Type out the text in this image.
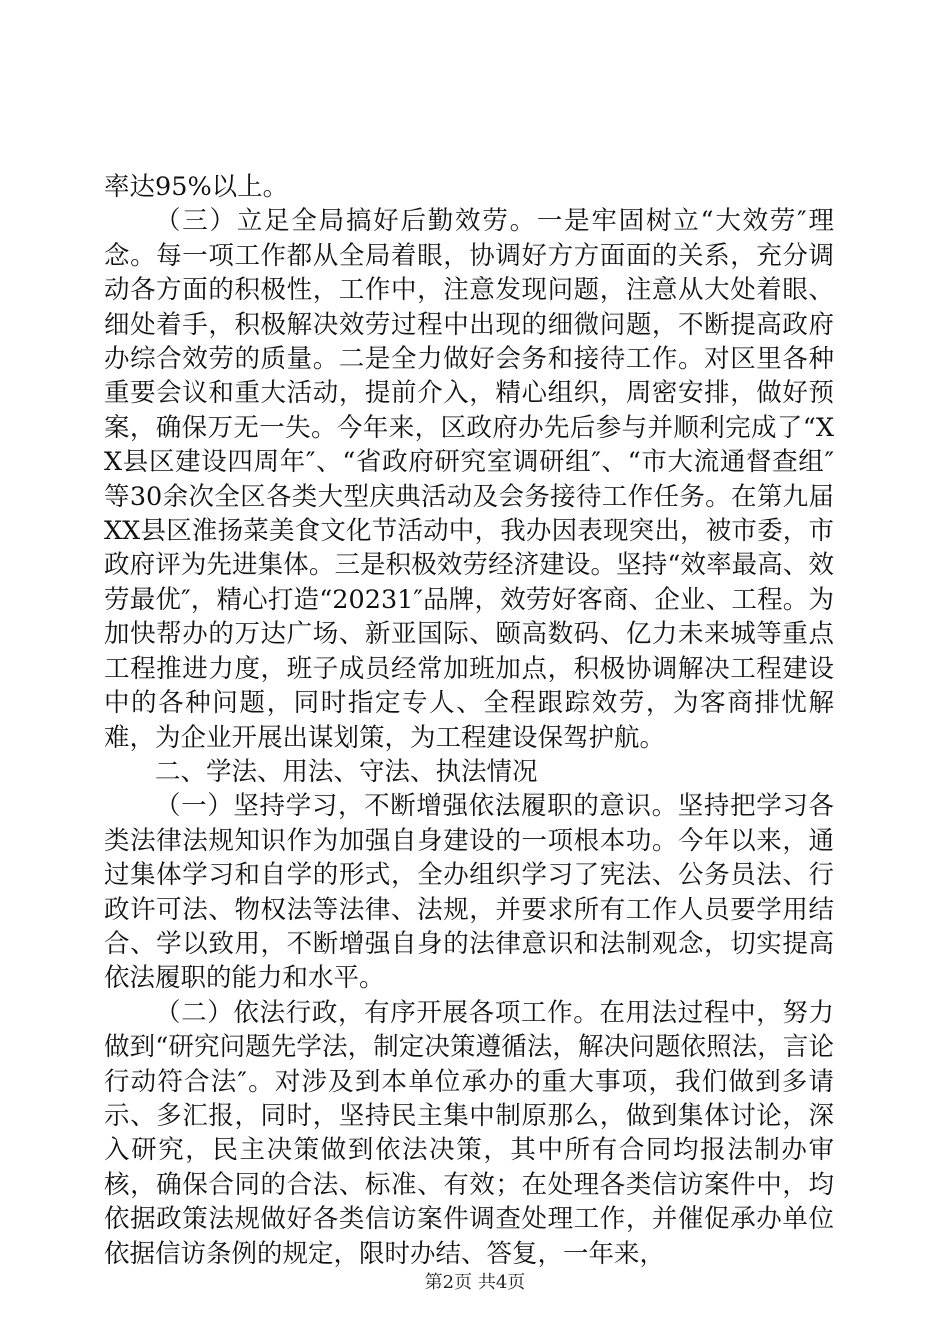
率达95%以上。

（三）立足全局搞好后勤效劳。一是牢固树立“大效劳″理念。每一项工作都从全局着眼，协调好方方面面的关系，充分调动各方面的积极性，工作中，注意发现问题，注意从大处着眼、细处着手，积极解决效劳过程中出现的细微问题，不断提高政府办综合效劳的质量。二是全力做好会务和接待工作。对区里各种重要会议和重大活动，提前介入，精心组织，周密安排，做好预案，确保万无一失。今年来，区政府办先后参与并顺利完成了“XX县区建设四周年″、“省政府研究室调研组″、“市大流通督查组″等30余次全区各类大型庆典活动及会务接待工作任务。在第九届XX县区淮扬菜美食文化节活动中，我办因表现突出，被市委，市政府评为先进集体。三是积极效劳经济建设。坚持“效率最高、效劳最优″，精心打造“20231″品牌，效劳好客商、企业、工程。为加快帮办的万达广场、新亚国际、颐高数码、亿力未来城等重点工程推进力度，班子成员经常加班加点，积极协调解决工程建设中的各种问题，同时指定专人、全程跟踪效劳，为客商排忧解难，为企业开展出谋划策，为工程建设保驾护航。

二、学法、用法、守法、执法情况

（一）坚持学习，不断增强依法履职的意识。坚持把学习各类法律法规知识作为加强自身建设的一项根本功。今年以来，通过集体学习和自学的形式，全办组织学习了宪法、公务员法、行政许可法、物权法等法律、法规，并要求所有工作人员要学用结合、学以致用，不断增强自身的法律意识和法制观念，切实提高依法履职的能力和水平。

（二）依法行政，有序开展各项工作。在用法过程中，努力做到“研究问题先学法，制定决策遵循法，解决问题依照法，言论行动符合法″。对涉及到本单位承办的重大事项，我们做到多请示、多汇报，同时，坚持民主集中制原那么，做到集体讨论，深入研究，民主决策做到依法决策，其中所有合同均报法制办审核，确保合同的合法、标准、有效；在处理各类信访案件中，均依据政策法规做好各类信访案件调查处理工作，并催促承办单位依据信访条例的规定，限时办结、答复，一年来，

第2页 共4页
